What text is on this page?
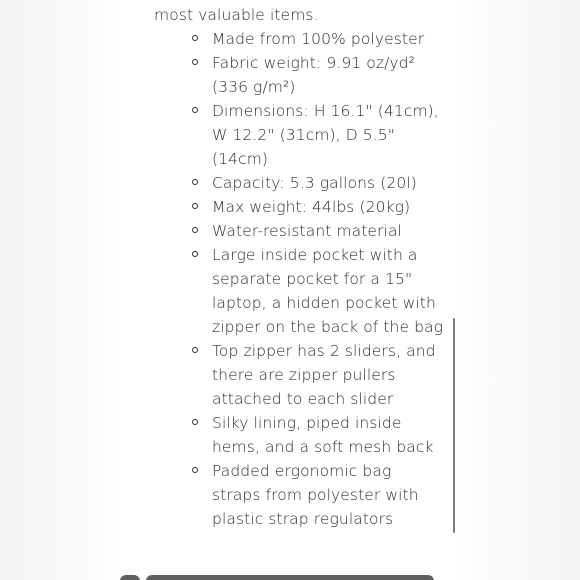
most valuable items.

Made from 100% polyester
Fabric weight: 9.91 oz/yd² (336 g/m²)
Dimensions: H 16.1" (41cm), W 12.2" (31cm), D 5.5" (14cm)
Capacity: 5.3 gallons (20l)
Max weight: 44lbs (20kg)
Water-resistant material
Large inside pocket with a separate pocket for a 15" laptop, a hidden pocket with zipper on the back of the bag
Top zipper has 2 sliders, and there are zipper pullers attached to each slider
Silky lining, piped inside hems, and a soft mesh back
Padded ergonomic bag straps from polyester with plastic strap regulators
